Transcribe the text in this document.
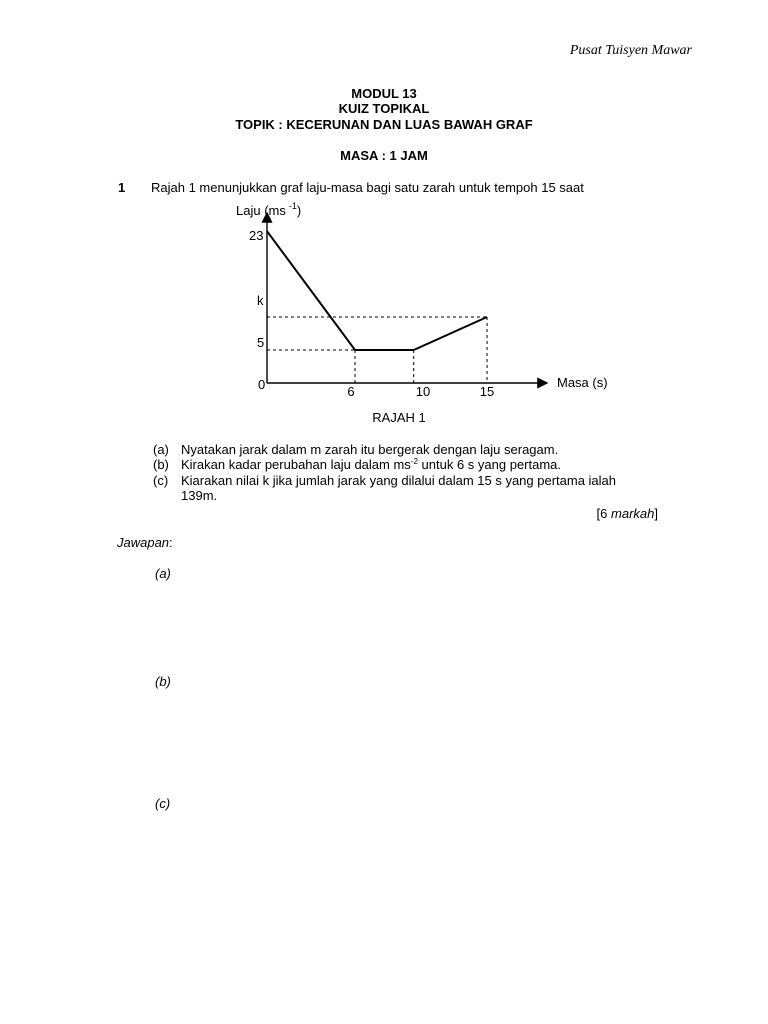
Pusat Tuisyen Mawar
MODUL 13
KUIZ TOPIKAL
TOPIK : KECERUNAN DAN LUAS BAWAH GRAF
MASA : 1 JAM
1 Rajah 1 menunjukkan graf laju-masa bagi satu zarah untuk tempoh 15 saat
Laju (ms $^{-1}$)
Masa (s)
0	6	10	15
23
k
5
RAJAH 1
(a) Nyatakan jarak dalam m zarah itu bergerak dengan laju seragam.
(b) Kirakan kadar perubahan laju dalam $ms^{-2}$ untuk 6 s yang pertama.
(c) Kiarakan nilai k jika jumlah jarak yang dilalui dalam 15 s yang pertama ialah
139m.
[6 markah]
Jawapan:
(a)
(b)
(c)
